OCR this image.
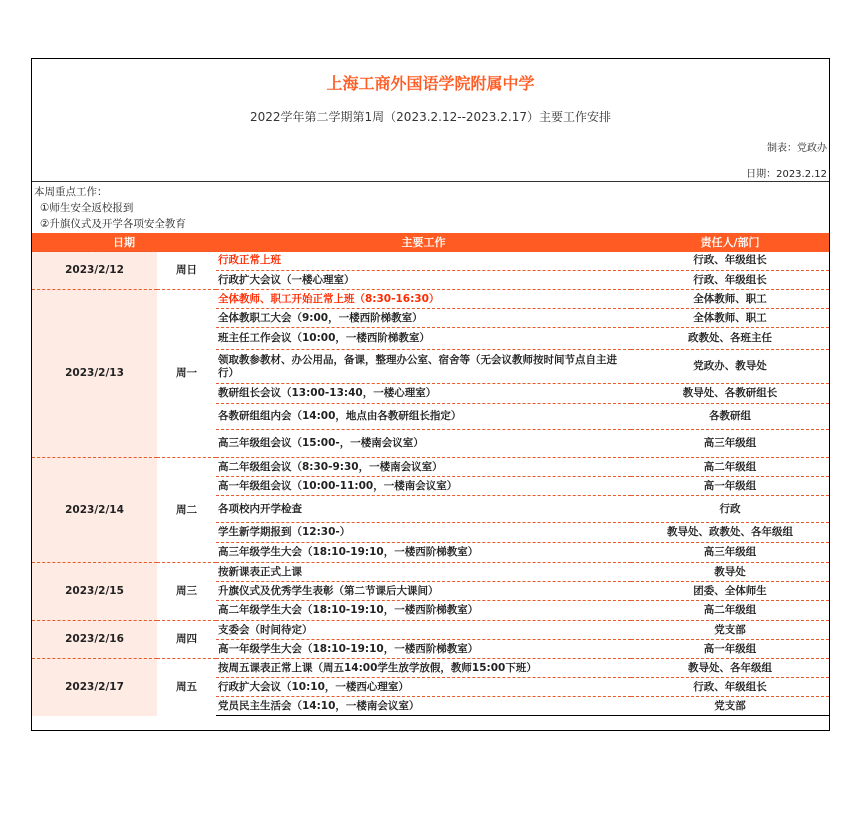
上海工商外国语学院附属中学
2022学年第二学期第1周（2023.2.12--2023.2.17）主要工作安排
制表：党政办
日期：2023.2.12
本周重点工作：
①师生安全返校报到
②升旗仪式及开学各项安全教育
日期		主要工作	责任人/部门
2023/2/12	周日	行政正常上班	行政、年级组长
		行政扩大会议（一楼心理室）	行政、年级组长
2023/2/13	周一	全体教师、职工开始正常上班（8:30-16:30）	全体教师、职工
		全体教职工大会（9:00，一楼西阶梯教室）	全体教师、职工
		班主任工作会议（10:00，一楼西阶梯教室）	政教处、各班主任
		领取教参教材、办公用品，备课，整理办公室、宿舍等（无会议教师按时间节点自主进行）	党政办、教导处
		教研组长会议（13:00-13:40，一楼心理室）	教导处、各教研组长
		各教研组组内会（14:00，地点由各教研组长指定）	各教研组
		高三年级组会议（15:00-，一楼南会议室）	高三年级组
2023/2/14	周二	高二年级组会议（8:30-9:30，一楼南会议室）	高二年级组
		高一年级组会议（10:00-11:00，一楼南会议室）	高一年级组
		各项校内开学检查	行政
		学生新学期报到（12:30-）	教导处、政教处、各年级组
		高三年级学生大会（18:10-19:10，一楼西阶梯教室）	高三年级组
2023/2/15	周三	按新课表正式上课	教导处
		升旗仪式及优秀学生表彰（第二节课后大课间）	团委、全体师生
		高二年级学生大会（18:10-19:10，一楼西阶梯教室）	高二年级组
2023/2/16	周四	支委会（时间待定）	党支部
		高一年级学生大会（18:10-19:10，一楼西阶梯教室）	高一年级组
2023/2/17	周五	按周五课表正常上课（周五14:00学生放学放假，教师15:00下班）	教导处、各年级组
		行政扩大会议（10:10，一楼西心理室）	行政、年级组长
		党员民主生活会（14:10，一楼南会议室）	党支部
